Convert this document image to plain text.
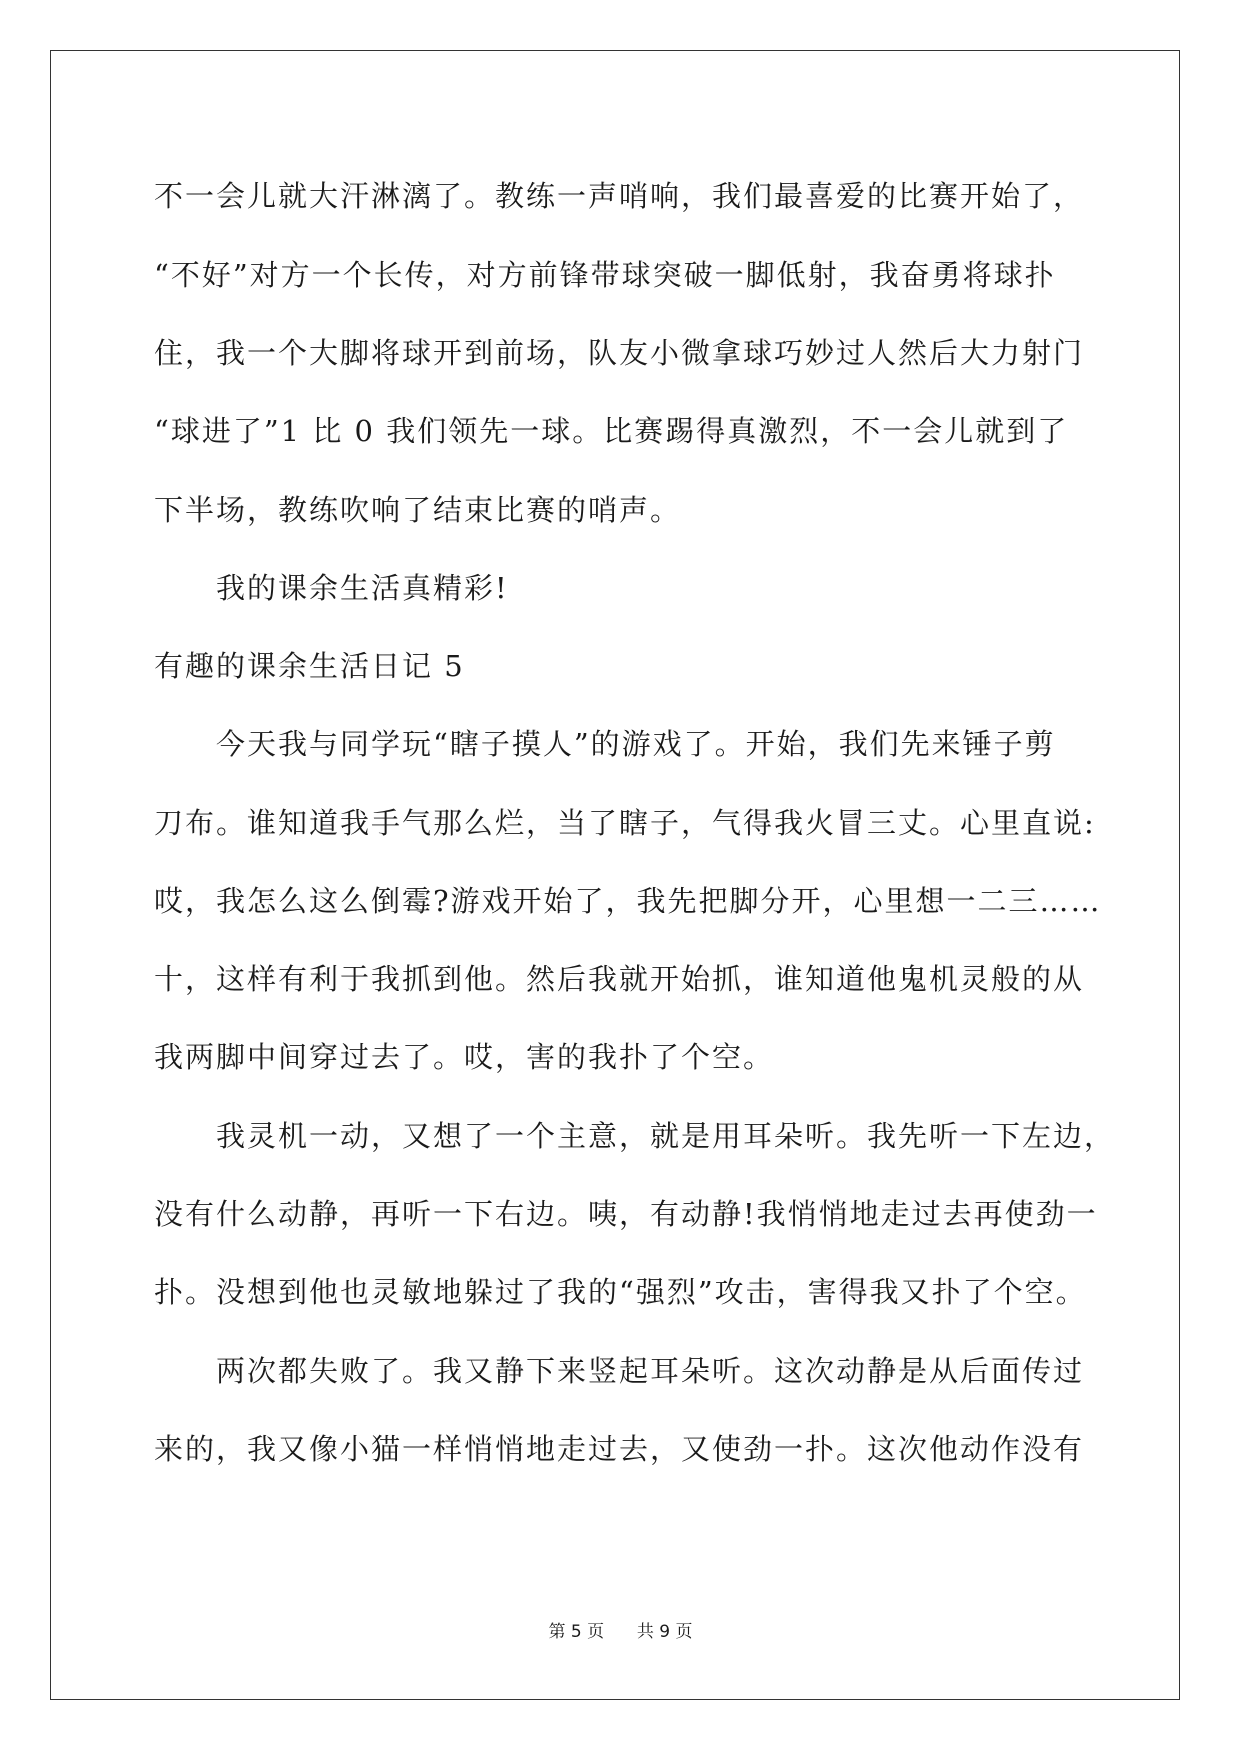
不一会儿就大汗淋漓了。教练一声哨响，我们最喜爱的比赛开始了，

“不好”对方一个长传，对方前锋带球突破一脚低射，我奋勇将球扑

住，我一个大脚将球开到前场，队友小微拿球巧妙过人然后大力射门

“球进了”1 比 0 我们领先一球。比赛踢得真激烈，不一会儿就到了

下半场，教练吹响了结束比赛的哨声。

我的课余生活真精彩!

有趣的课余生活日记 5

今天我与同学玩“瞎子摸人”的游戏了。开始，我们先来锤子剪

刀布。谁知道我手气那么烂，当了瞎子，气得我火冒三丈。心里直说:

哎，我怎么这么倒霉?游戏开始了，我先把脚分开，心里想一二三……

十，这样有利于我抓到他。然后我就开始抓，谁知道他鬼机灵般的从

我两脚中间穿过去了。哎，害的我扑了个空。

我灵机一动，又想了一个主意，就是用耳朵听。我先听一下左边，

没有什么动静，再听一下右边。咦，有动静!我悄悄地走过去再使劲一

扑。没想到他也灵敏地躲过了我的“强烈”攻击，害得我又扑了个空。

两次都失败了。我又静下来竖起耳朵听。这次动静是从后面传过

来的，我又像小猫一样悄悄地走过去，又使劲一扑。这次他动作没有

第 5 页 共 9 页
